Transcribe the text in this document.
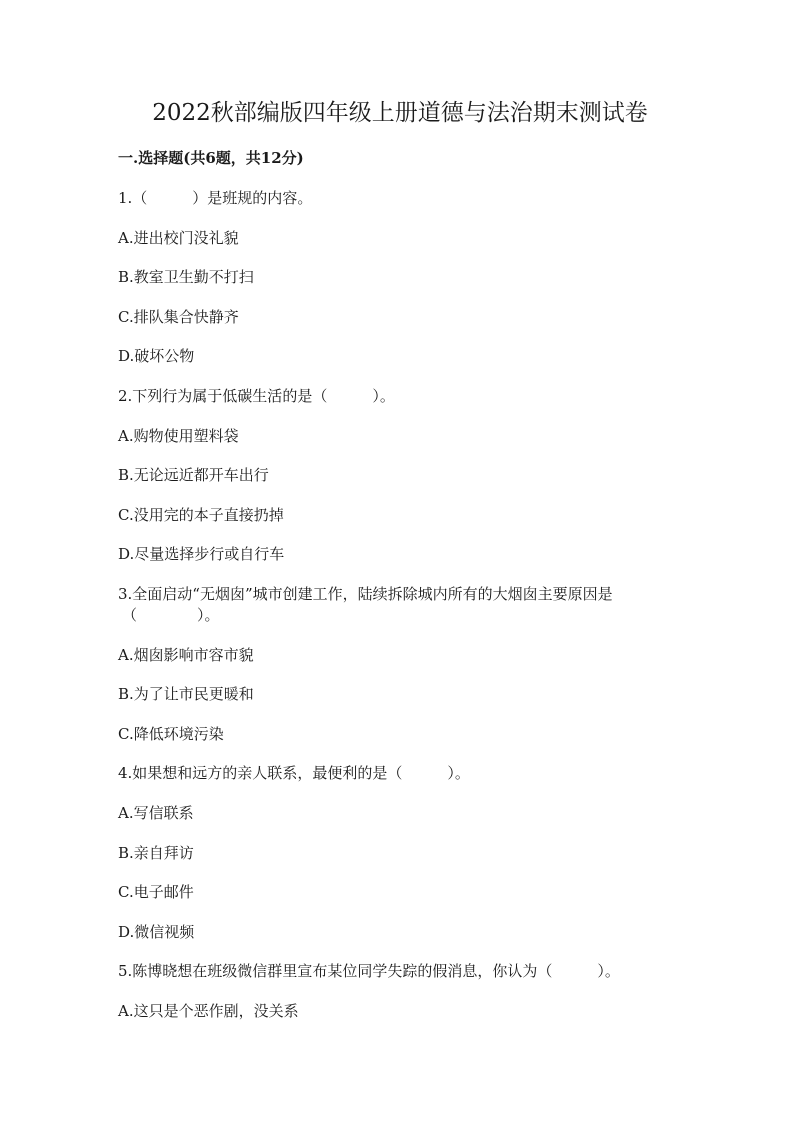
2022秋部编版四年级上册道德与法治期末测试卷
一.选择题(共6题，共12分)
1.（　　　）是班规的内容。
A.进出校门没礼貌
B.教室卫生勤不打扫
C.排队集合快静齐
D.破坏公物
2.下列行为属于低碳生活的是（　　　）。
A.购物使用塑料袋
B.无论远近都开车出行
C.没用完的本子直接扔掉
D.尽量选择步行或自行车
3.全面启动“无烟囱”城市创建工作，陆续拆除城内所有的大烟囱主要原因是
（　　　　）。
A.烟囱影响市容市貌
B.为了让市民更暖和
C.降低环境污染
4.如果想和远方的亲人联系，最便利的是（　　　）。
A.写信联系
B.亲自拜访
C.电子邮件
D.微信视频
5.陈博晓想在班级微信群里宣布某位同学失踪的假消息，你认为（　　　）。
A.这只是个恶作剧，没关系
